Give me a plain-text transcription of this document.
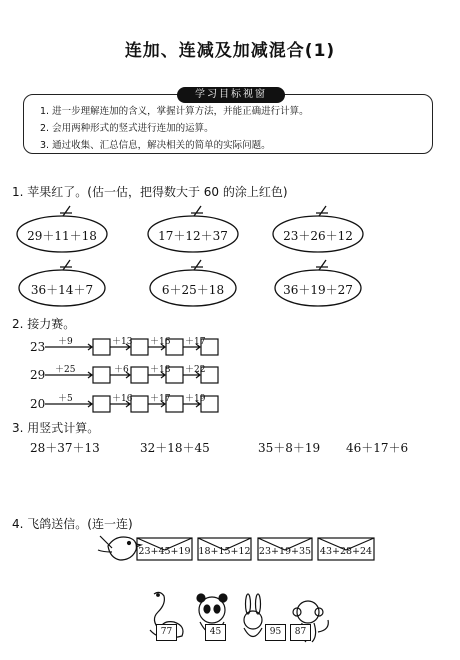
连加、连减及加减混合(1)
学习目标视窗
1. 进一步理解连加的含义，掌握计算方法，并能正确进行计算。
2. 会用两种形式的竖式进行连加的运算。
3. 通过收集、汇总信息，解决相关的简单的实际问题。
1. 苹果红了。(估一估，把得数大于 60 的涂上红色)
29＋11＋18	17＋12＋37	23＋26＋12
36＋14＋7	6＋25＋18	36＋19＋27
2. 接力赛。
23 ＋9	＋13 ＋16 ＋17
29 ＋25	＋6 ＋18 ＋22
20 ＋5	＋16 ＋17 ＋19
3. 用竖式计算。
28＋37＋13	32＋18＋45	35＋8＋19 46＋17＋6
4. 飞鸽送信。(连一连)
23+45+19 18+15+12 23+19+35 43+28+24
77	45	95	87
